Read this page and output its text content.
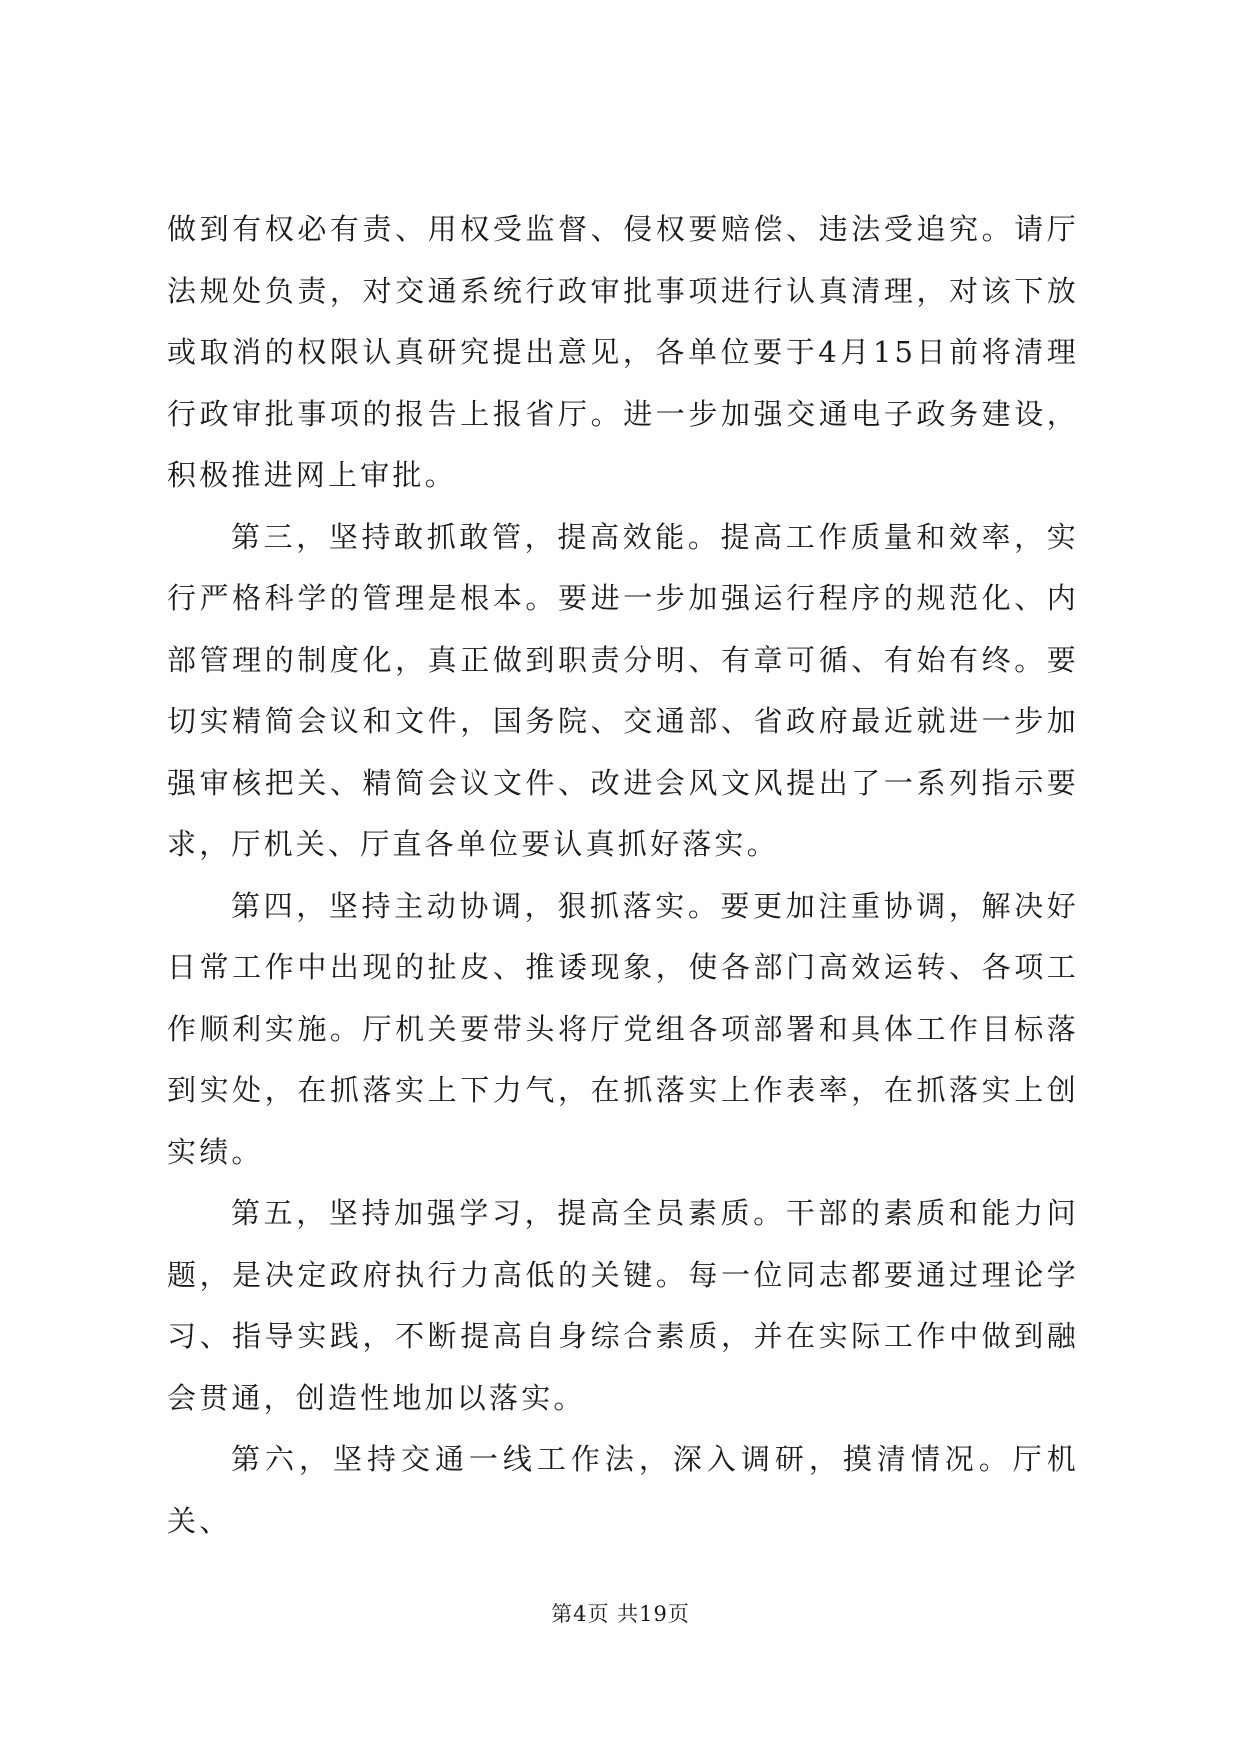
做到有权必有责、用权受监督、侵权要赔偿、违法受追究。请厅法规处负责，对交通系统行政审批事项进行认真清理，对该下放或取消的权限认真研究提出意见，各单位要于4月15日前将清理行政审批事项的报告上报省厅。进一步加强交通电子政务建设，积极推进网上审批。

第三，坚持敢抓敢管，提高效能。提高工作质量和效率，实行严格科学的管理是根本。要进一步加强运行程序的规范化、内部管理的制度化，真正做到职责分明、有章可循、有始有终。要切实精简会议和文件，国务院、交通部、省政府最近就进一步加强审核把关、精简会议文件、改进会风文风提出了一系列指示要求，厅机关、厅直各单位要认真抓好落实。

第四，坚持主动协调，狠抓落实。要更加注重协调，解决好日常工作中出现的扯皮、推诿现象，使各部门高效运转、各项工作顺利实施。厅机关要带头将厅党组各项部署和具体工作目标落到实处，在抓落实上下力气，在抓落实上作表率，在抓落实上创实绩。

第五，坚持加强学习，提高全员素质。干部的素质和能力问题，是决定政府执行力高低的关键。每一位同志都要通过理论学习、指导实践，不断提高自身综合素质，并在实际工作中做到融会贯通，创造性地加以落实。

第六，坚持交通一线工作法，深入调研，摸清情况。厅机关、

第4页 共19页
